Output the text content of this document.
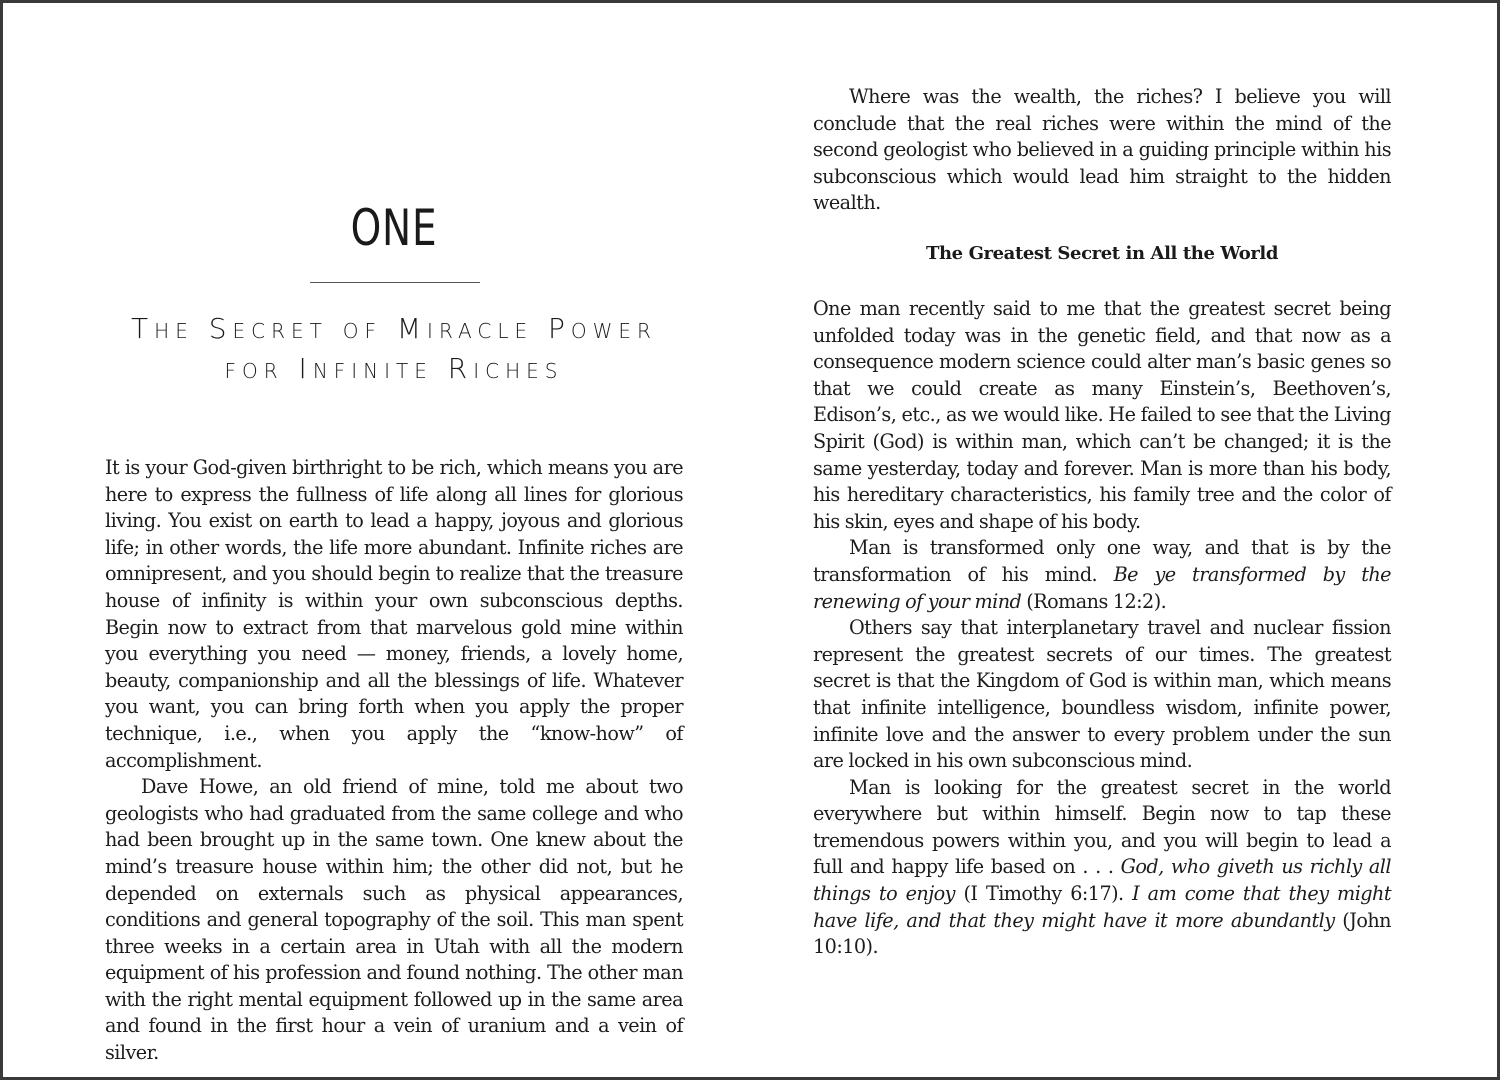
ONE
The Secret of Miracle Power
for Infinite Riches

It is your God-given birthright to be rich, which means you are here to express the fullness of life along all lines for glorious living. You exist on earth to lead a happy, joyous and glorious life; in other words, the life more abundant. Infinite riches are omnipresent, and you should begin to realize that the treasure house of infinity is within your own subconscious depths. Begin now to extract from that marvelous gold mine within you everything you need — money, friends, a lovely home, beauty, companionship and all the blessings of life. Whatever you want, you can bring forth when you apply the proper technique, i.e., when you apply the “know-how” of accomplishment.

Dave Howe, an old friend of mine, told me about two geologists who had graduated from the same college and who had been brought up in the same town. One knew about the mind’s treasure house within him; the other did not, but he depended on externals such as physical appearances, conditions and general topography of the soil. This man spent three weeks in a certain area in Utah with all the modern equipment of his profession and found nothing. The other man with the right mental equipment followed up in the same area and found in the first hour a vein of uranium and a vein of silver.

Where was the wealth, the riches? I believe you will conclude that the real riches were within the mind of the second geologist who believed in a guiding principle within his subconscious which would lead him straight to the hidden wealth.

The Greatest Secret in All the World

One man recently said to me that the greatest secret being unfolded today was in the genetic field, and that now as a consequence modern science could alter man’s basic genes so that we could create as many Einstein’s, Beethoven’s, Edison’s, etc., as we would like. He failed to see that the Living Spirit (God) is within man, which can’t be changed; it is the same yesterday, today and forever. Man is more than his body, his hereditary characteristics, his family tree and the color of his skin, eyes and shape of his body.

Man is transformed only one way, and that is by the transformation of his mind. Be ye transformed by the renewing of your mind (Romans 12:2).

Others say that interplanetary travel and nuclear fission represent the greatest secrets of our times. The greatest secret is that the Kingdom of God is within man, which means that infinite intelligence, boundless wisdom, infinite power, infinite love and the answer to every problem under the sun are locked in his own subconscious mind.

Man is looking for the greatest secret in the world everywhere but within himself. Begin now to tap these tremendous powers within you, and you will begin to lead a full and happy life based on . . . God, who giveth us richly all things to enjoy (I Timothy 6:17). I am come that they might have life, and that they might have it more abundantly (John 10:10).
